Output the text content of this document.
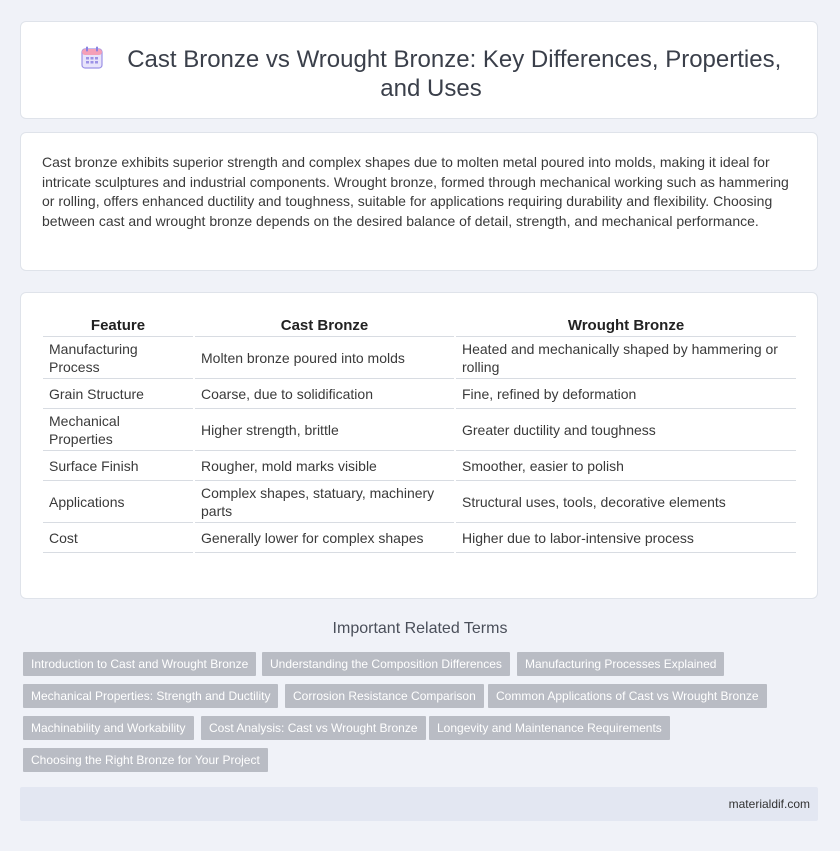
Cast Bronze vs Wrought Bronze: Key Differences, Properties, and Uses

Cast bronze exhibits superior strength and complex shapes due to molten metal poured into molds, making it ideal for intricate sculptures and industrial components. Wrought bronze, formed through mechanical working such as hammering or rolling, offers enhanced ductility and toughness, suitable for applications requiring durability and flexibility. Choosing between cast and wrought bronze depends on the desired balance of detail, strength, and mechanical performance.

Feature	Cast Bronze	Wrought Bronze
Manufacturing Process	Molten bronze poured into molds	Heated and mechanically shaped by hammering or rolling
Grain Structure	Coarse, due to solidification	Fine, refined by deformation
Mechanical Properties	Higher strength, brittle	Greater ductility and toughness
Surface Finish	Rougher, mold marks visible	Smoother, easier to polish
Applications	Complex shapes, statuary, machinery parts	Structural uses, tools, decorative elements
Cost	Generally lower for complex shapes	Higher due to labor-intensive process
Important Related Terms
Introduction to Cast and Wrought Bronze	Understanding the Composition Differences	Manufacturing Processes Explained
Mechanical Properties: Strength and Ductility	Corrosion Resistance Comparison	Common Applications of Cast vs Wrought Bronze
Machinability and Workability	Cost Analysis: Cast vs Wrought Bronze	Longevity and Maintenance Requirements
Choosing the Right Bronze for Your Project
materialdif.com
